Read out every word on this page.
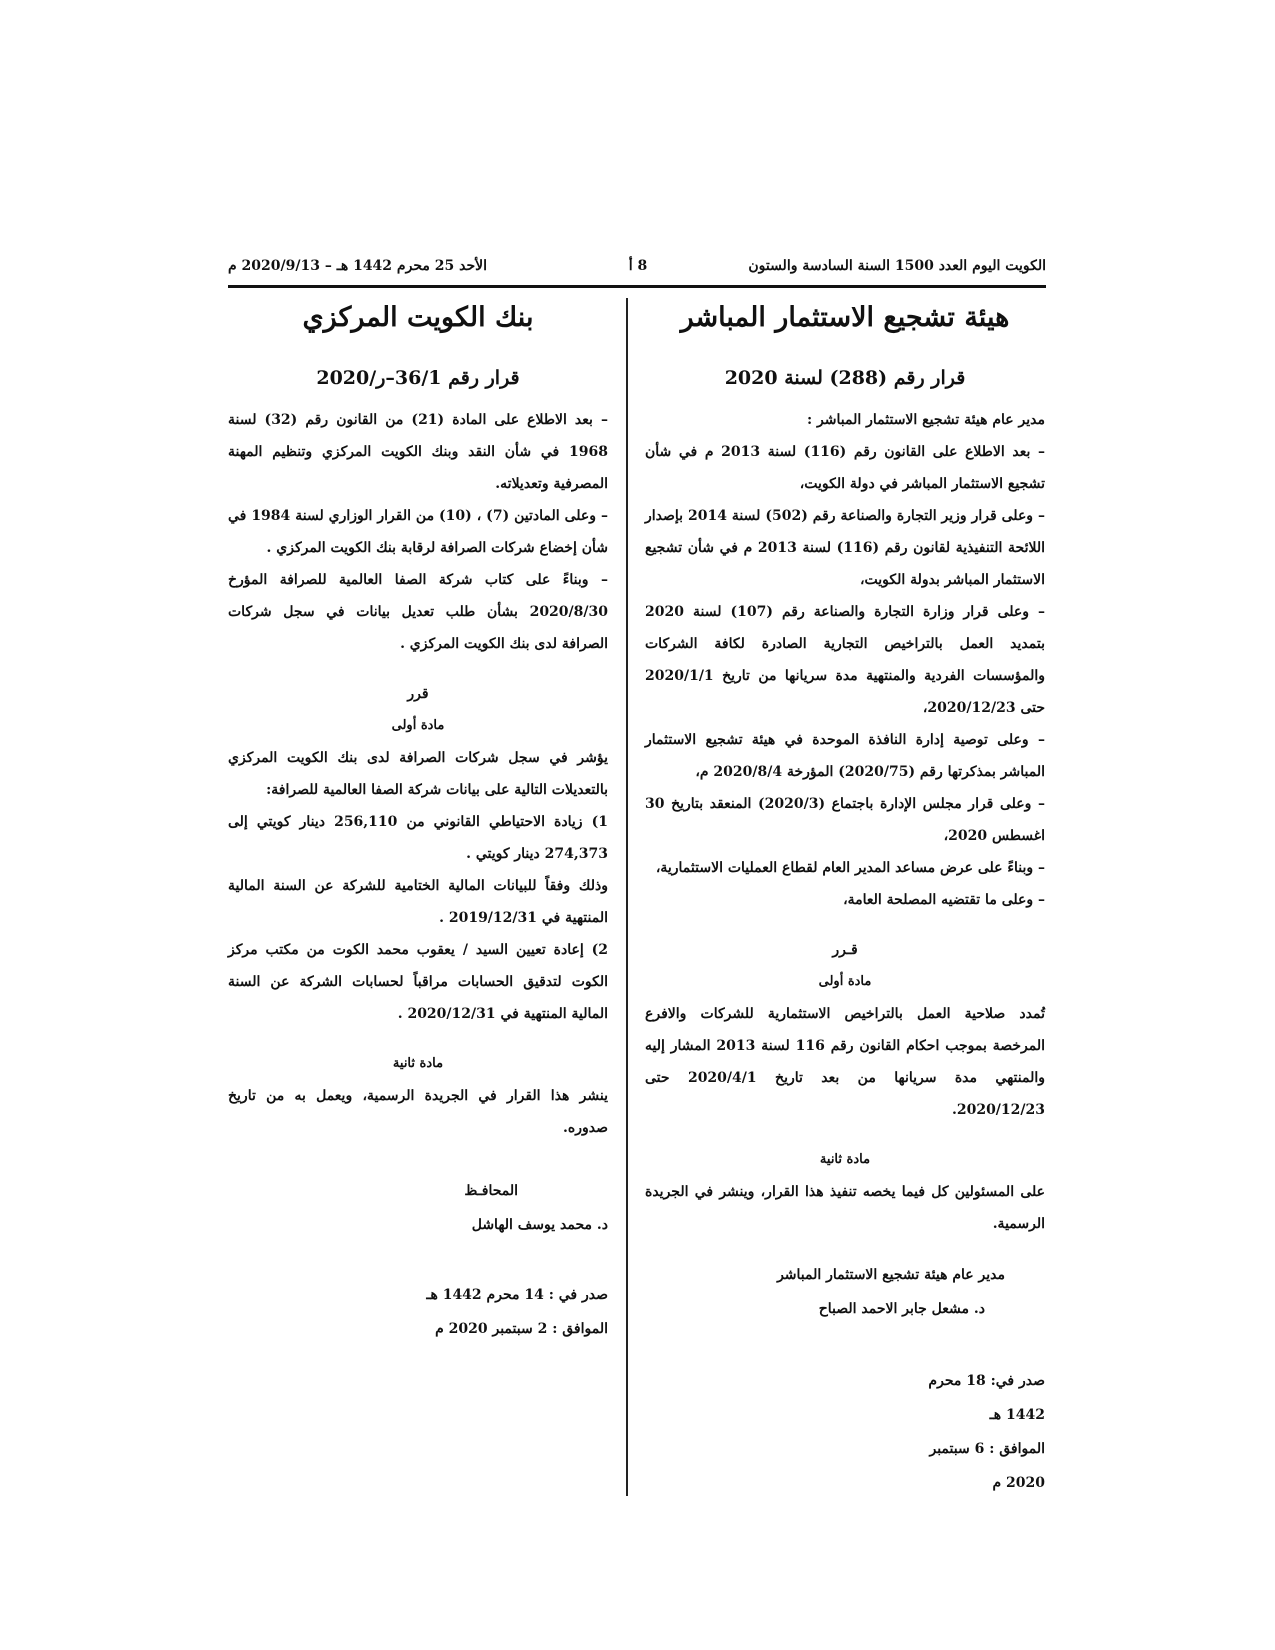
الكويت اليوم العدد 1500 السنة السادسة والستون
8 أ
الأحد 25 محرم 1442 هـ – 2020/9/13 م
هيئة تشجيع الاستثمار المباشر
قرار رقم (288) لسنة 2020

مدير عام هيئة تشجيع الاستثمار المباشر :

– بعد الاطلاع على القانون رقم (116) لسنة 2013 م في شأن تشجيع الاستثمار المباشر في دولة الكويت،

– وعلى قرار وزير التجارة والصناعة رقم (502) لسنة 2014 بإصدار اللائحة التنفيذية لقانون رقم (116) لسنة 2013 م في شأن تشجيع الاستثمار المباشر بدولة الكويت،

– وعلى قرار وزارة التجارة والصناعة رقم (107) لسنة 2020 بتمديد العمل بالتراخيص التجارية الصادرة لكافة الشركات والمؤسسات الفردية والمنتهية مدة سريانها من تاريخ 2020/1/1 حتى 2020/12/23،

– وعلى توصية إدارة النافذة الموحدة في هيئة تشجيع الاستثمار المباشر بمذكرتها رقم (2020/75) المؤرخة 2020/8/4 م،

– وعلى قرار مجلس الإدارة باجتماع (2020/3) المنعقد بتاريخ 30 اغسطس 2020،

– وبناءً على عرض مساعد المدير العام لقطاع العمليات الاستثمارية،

– وعلى ما تقتضيه المصلحة العامة،

قـرر

مادة أولى

تُمدد صلاحية العمل بالتراخيص الاستثمارية للشركات والافرع المرخصة بموجب احكام القانون رقم 116 لسنة 2013 المشار إليه والمنتهي مدة سريانها من بعد تاريخ 2020/4/1 حتى 2020/12/23.

مادة ثانية

على المسئولين كل فيما يخصه تنفيذ هذا القرار، وينشر في الجريدة الرسمية.

مدير عام هيئة تشجيع الاستثمار المباشر
د. مشعل جابر الاحمد الصباح
صدر في: 18 محرم 1442 هـ
الموافق : 6 سبتمبر 2020 م
بنك الكويت المركزي
قرار رقم 36/1–ر/2020

– بعد الاطلاع على المادة (21) من القانون رقم (32) لسنة 1968 في شأن النقد وبنك الكويت المركزي وتنظيم المهنة المصرفية وتعديلاته.

– وعلى المادتين (7) ، (10) من القرار الوزاري لسنة 1984 في شأن إخضاع شركات الصرافة لرقابة بنك الكويت المركزي .

– وبناءً على كتاب شركة الصفا العالمية للصرافة المؤرخ 2020/8/30 بشأن طلب تعديل بيانات في سجل شركات الصرافة لدى بنك الكويت المركزي .

قرر

مادة أولى

يؤشر في سجل شركات الصرافة لدى بنك الكويت المركزي بالتعديلات التالية على بيانات شركة الصفا العالمية للصرافة:

1) زيادة الاحتياطي القانوني من 256,110 دينار كويتي إلى 274,373 دينار كويتي .

وذلك وفقاً للبيانات المالية الختامية للشركة عن السنة المالية المنتهية في 2019/12/31 .

2) إعادة تعيين السيد / يعقوب محمد الكوت من مكتب مركز الكوت لتدقيق الحسابات مراقباً لحسابات الشركة عن السنة المالية المنتهية في 2020/12/31 .

مادة ثانية

ينشر هذا القرار في الجريدة الرسمية، ويعمل به من تاريخ صدوره.

المحافـظ
د. محمد يوسف الهاشل
صدر في : 14 محرم 1442 هـ
الموافق : 2 سبتمبر 2020 م
